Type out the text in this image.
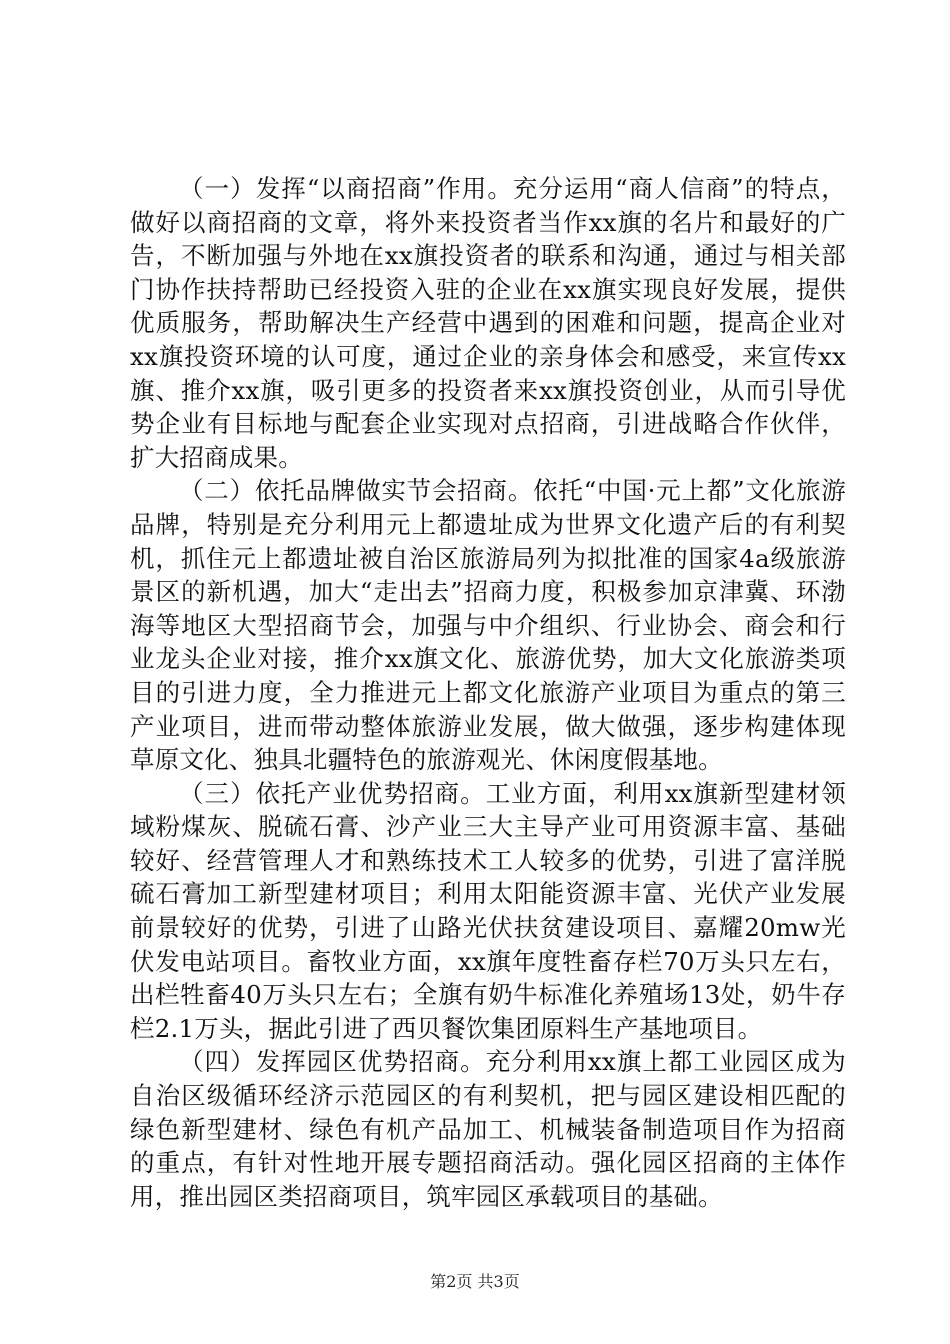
（一）发挥“以商招商”作用。充分运用“商人信商”的特点，做好以商招商的文章，将外来投资者当作xx旗的名片和最好的广告，不断加强与外地在xx旗投资者的联系和沟通，通过与相关部门协作扶持帮助已经投资入驻的企业在xx旗实现良好发展，提供优质服务，帮助解决生产经营中遇到的困难和问题，提高企业对xx旗投资环境的认可度，通过企业的亲身体会和感受，来宣传xx旗、推介xx旗，吸引更多的投资者来xx旗投资创业，从而引导优势企业有目标地与配套企业实现对点招商，引进战略合作伙伴，扩大招商成果。

（二）依托品牌做实节会招商。依托“中国·元上都”文化旅游品牌，特别是充分利用元上都遗址成为世界文化遗产后的有利契机，抓住元上都遗址被自治区旅游局列为拟批准的国家4a级旅游景区的新机遇，加大“走出去”招商力度，积极参加京津冀、环渤海等地区大型招商节会，加强与中介组织、行业协会、商会和行业龙头企业对接，推介xx旗文化、旅游优势，加大文化旅游类项目的引进力度，全力推进元上都文化旅游产业项目为重点的第三产业项目，进而带动整体旅游业发展，做大做强，逐步构建体现草原文化、独具北疆特色的旅游观光、休闲度假基地。

（三）依托产业优势招商。工业方面，利用xx旗新型建材领域粉煤灰、脱硫石膏、沙产业三大主导产业可用资源丰富、基础较好、经营管理人才和熟练技术工人较多的优势，引进了富洋脱硫石膏加工新型建材项目；利用太阳能资源丰富、光伏产业发展前景较好的优势，引进了山路光伏扶贫建设项目、嘉耀20mw光伏发电站项目。畜牧业方面，xx旗年度牲畜存栏70万头只左右，出栏牲畜40万头只左右；全旗有奶牛标准化养殖场13处，奶牛存栏2.1万头，据此引进了西贝餐饮集团原料生产基地项目。

（四）发挥园区优势招商。充分利用xx旗上都工业园区成为自治区级循环经济示范园区的有利契机，把与园区建设相匹配的绿色新型建材、绿色有机产品加工、机械装备制造项目作为招商的重点，有针对性地开展专题招商活动。强化园区招商的主体作用，推出园区类招商项目，筑牢园区承载项目的基础。

第2页 共3页
